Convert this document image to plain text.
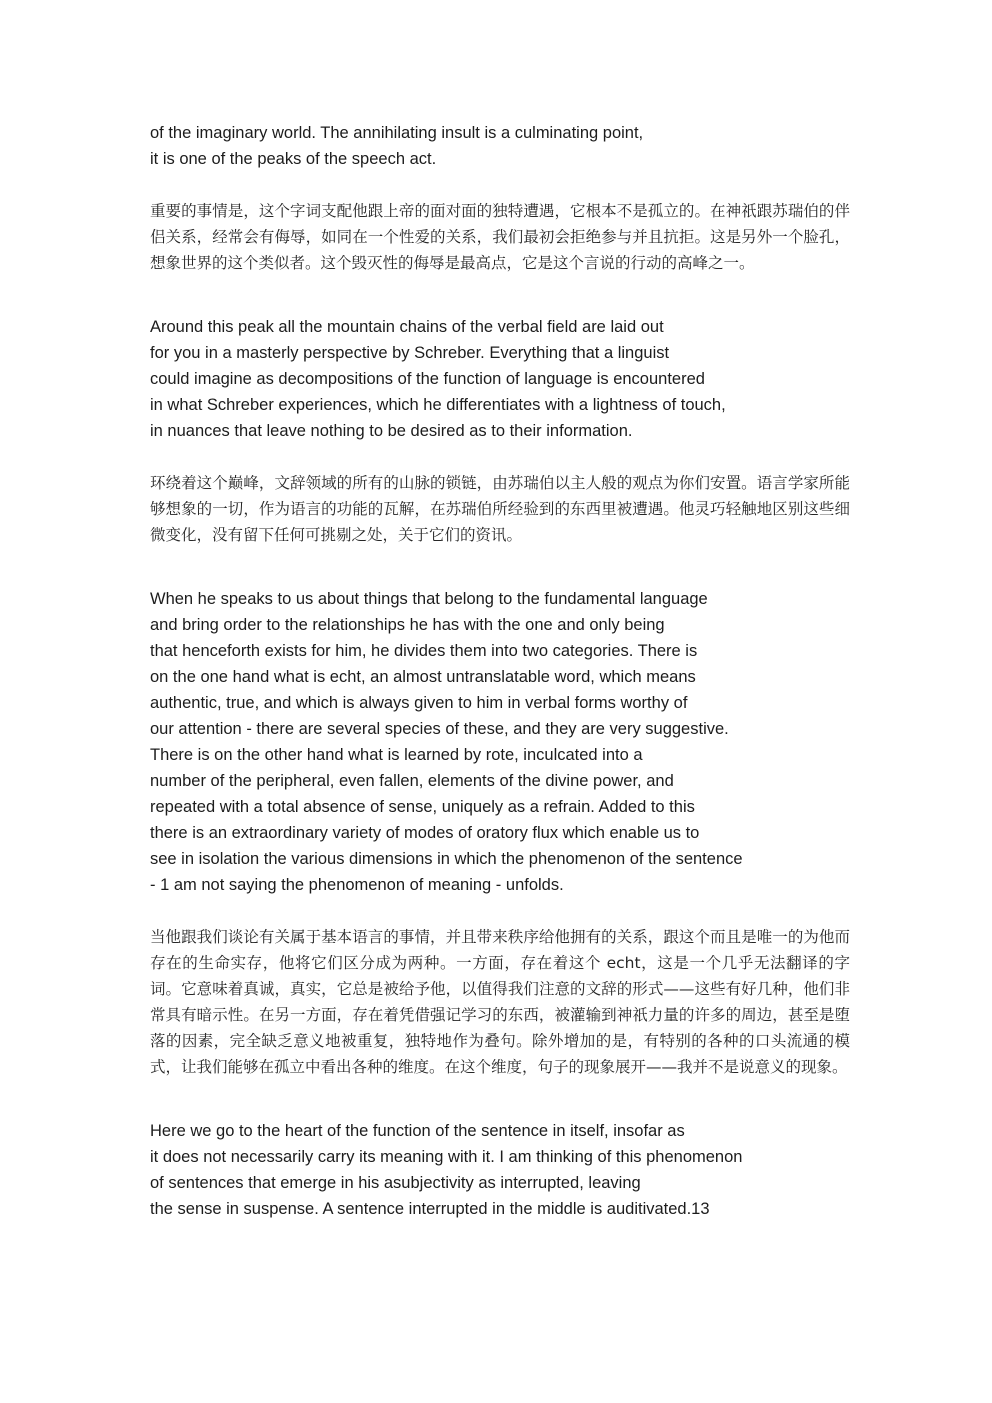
of the imaginary world. The annihilating insult is a culminating point,
it is one of the peaks of the speech act.

重要的事情是，这个字词支配他跟上帝的面对面的独特遭遇，它根本不是孤立的。在神祇跟苏瑞伯的伴侣关系，经常会有侮辱，如同在一个性爱的关系，我们最初会拒绝参与并且抗拒。这是另外一个脸孔，想象世界的这个类似者。这个毁灭性的侮辱是最高点，它是这个言说的行动的高峰之一。

Around this peak all the mountain chains of the verbal field are laid out
for you in a masterly perspective by Schreber. Everything that a linguist
could imagine as decompositions of the function of language is encountered
in what Schreber experiences, which he differentiates with a lightness of touch,
in nuances that leave nothing to be desired as to their information.

环绕着这个巅峰，文辞领域的所有的山脉的锁链，由苏瑞伯以主人般的观点为你们安置。语言学家所能够想象的一切，作为语言的功能的瓦解，在苏瑞伯所经验到的东西里被遭遇。他灵巧轻触地区别这些细微变化，没有留下任何可挑剔之处，关于它们的资讯。

When he speaks to us about things that belong to the fundamental language
and bring order to the relationships he has with the one and only being
that henceforth exists for him, he divides them into two categories. There is
on the one hand what is echt, an almost untranslatable word, which means
authentic, true, and which is always given to him in verbal forms worthy of
our attention - there are several species of these, and they are very suggestive.
There is on the other hand what is learned by rote, inculcated into a
number of the peripheral, even fallen, elements of the divine power, and
repeated with a total absence of sense, uniquely as a refrain. Added to this
there is an extraordinary variety of modes of oratory flux which enable us to
see in isolation the various dimensions in which the phenomenon of the sentence
- 1 am not saying the phenomenon of meaning - unfolds.

当他跟我们谈论有关属于基本语言的事情，并且带来秩序给他拥有的关系，跟这个而且是唯一的为他而存在的生命实存，他将它们区分成为两种。一方面，存在着这个 echt，这是一个几乎无法翻译的字词。它意味着真诚，真实，它总是被给予他，以值得我们注意的文辞的形式——这些有好几种，他们非常具有暗示性。在另一方面，存在着凭借强记学习的东西，被灌输到神祇力量的许多的周边，甚至是堕落的因素，完全缺乏意义地被重复，独特地作为叠句。除外增加的是，有特别的各种的口头流通的模式，让我们能够在孤立中看出各种的维度。在这个维度，句子的现象展开——我并不是说意义的现象。

Here we go to the heart of the function of the sentence in itself, insofar as
it does not necessarily carry its meaning with it. I am thinking of this phenomenon
of sentences that emerge in his asubjectivity as interrupted, leaving
the sense in suspense. A sentence interrupted in the middle is auditivated.13
